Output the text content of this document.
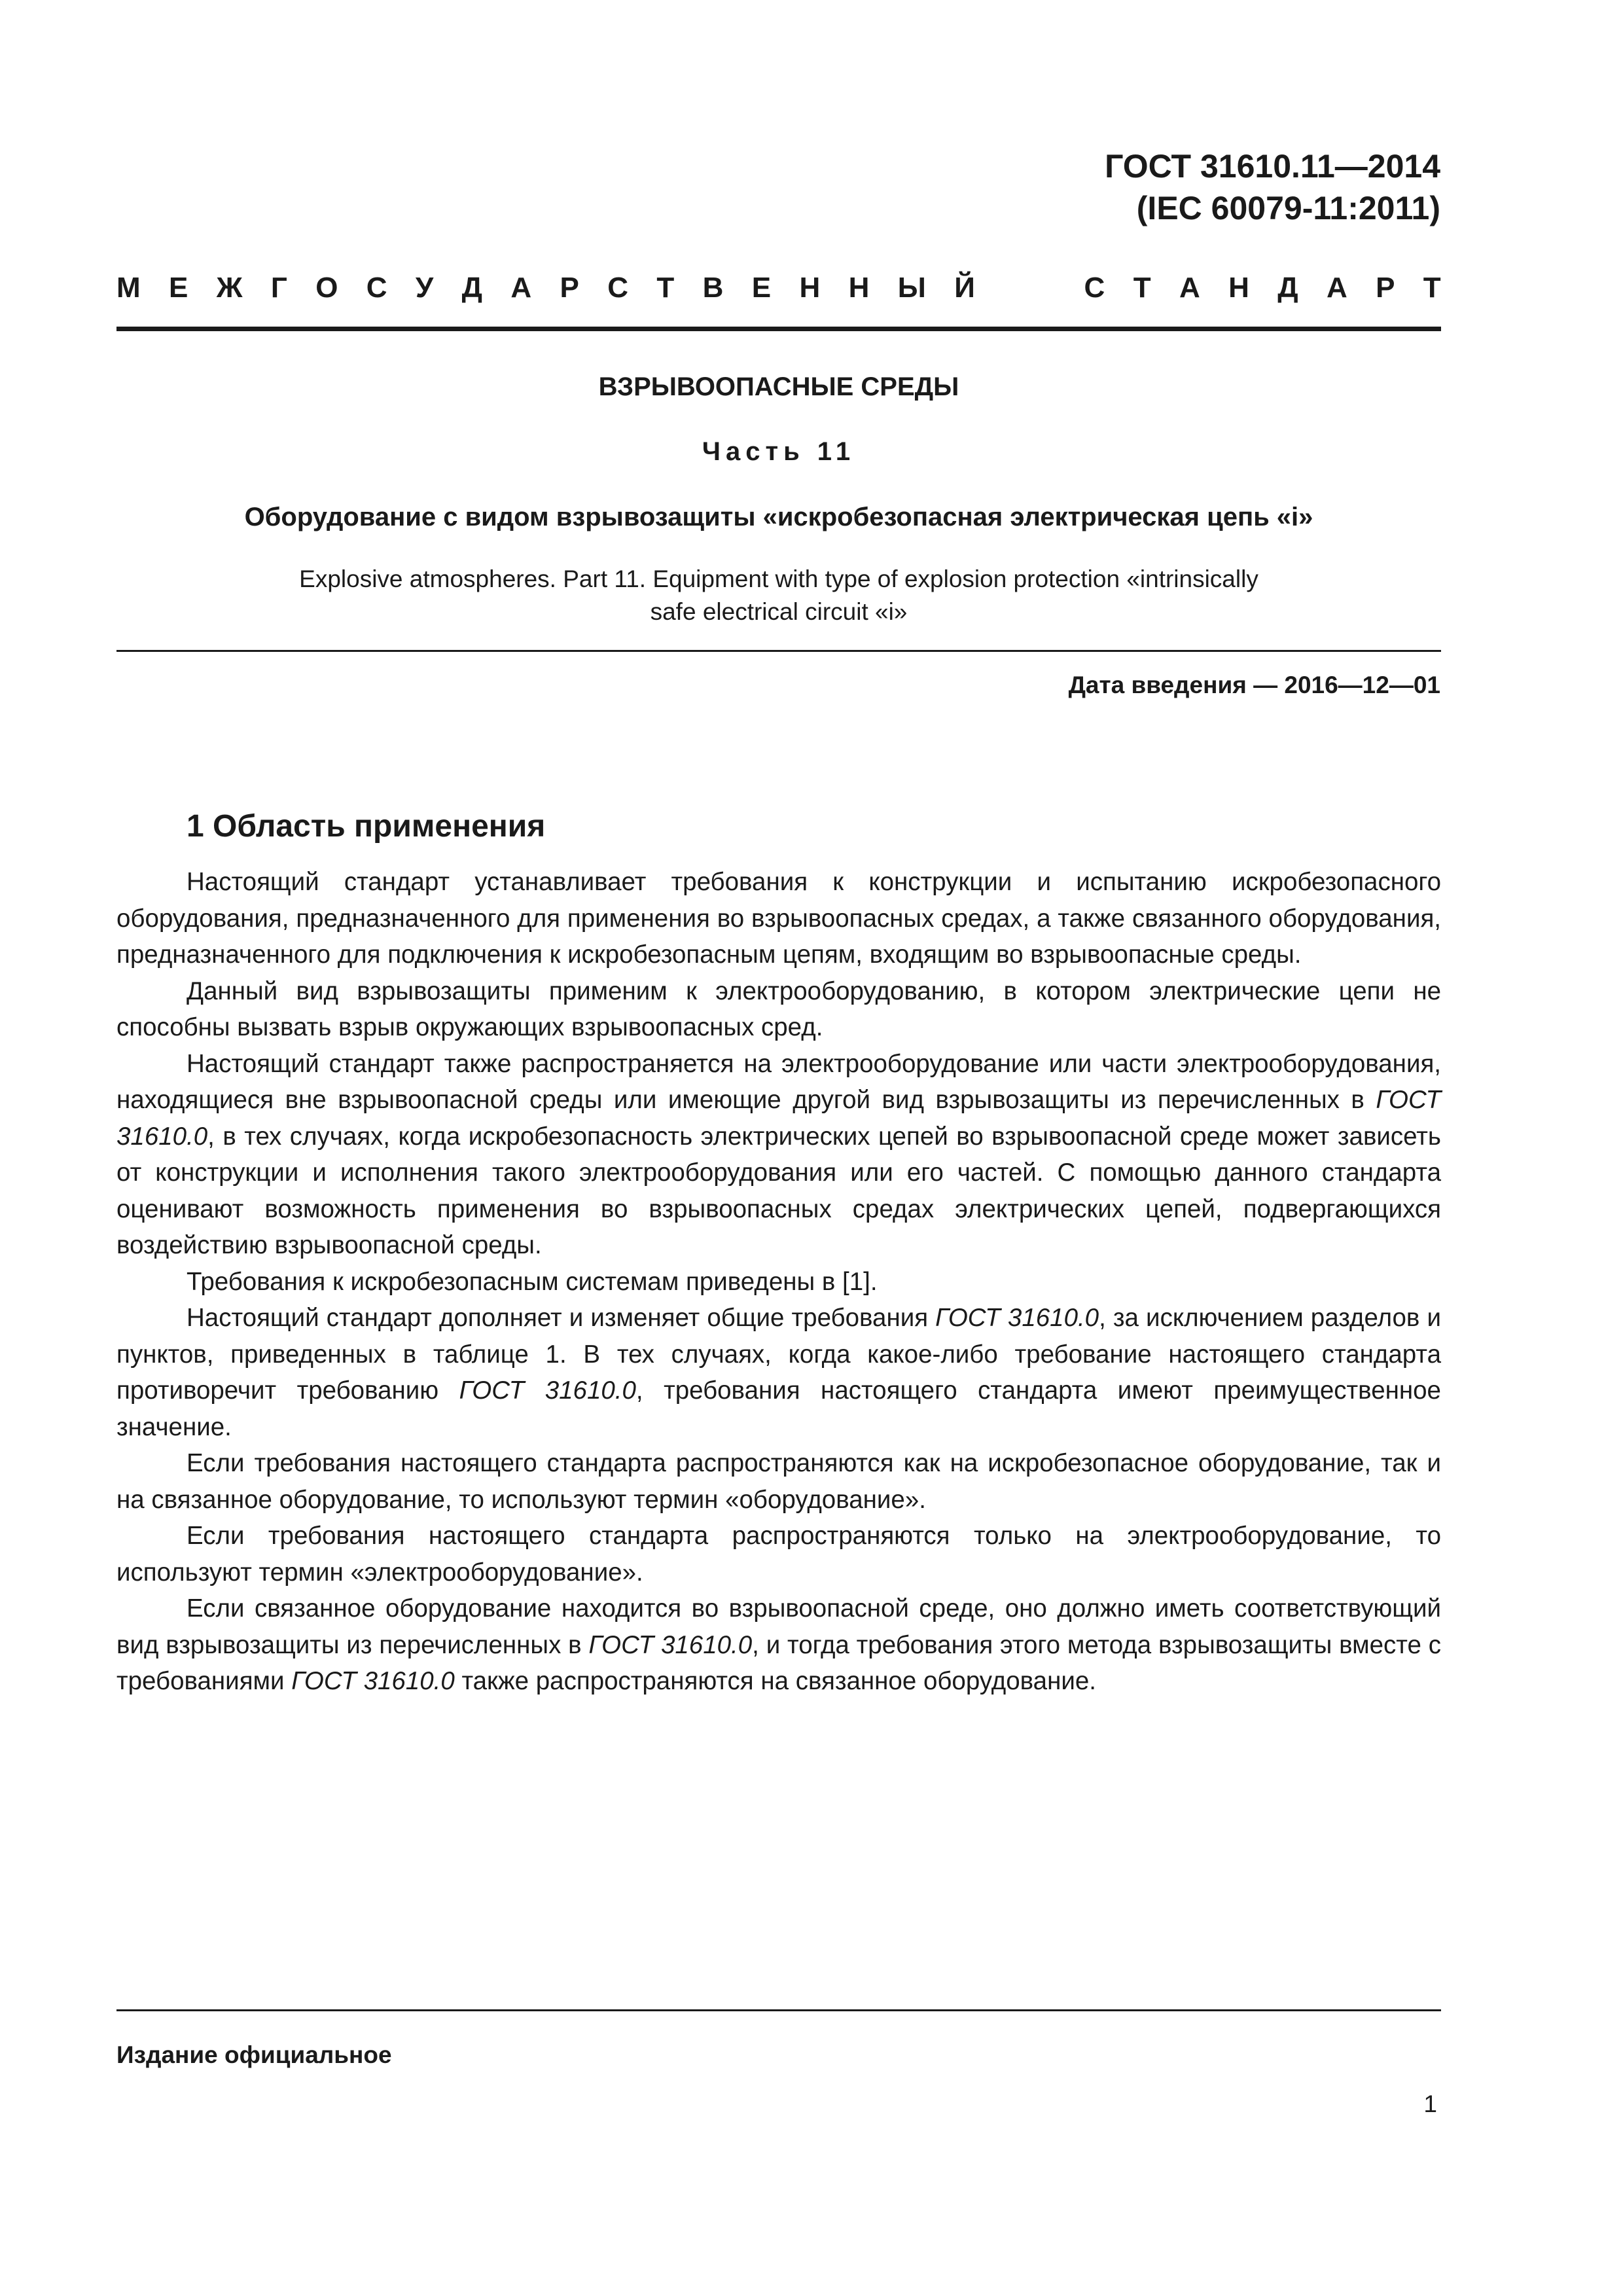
ГОСТ 31610.11—2014
(IEC 60079-11:2011)
М Е Ж Г О С У Д А Р С Т В Е Н Н Ы Й	С Т А Н Д А Р Т
ВЗРЫВООПАСНЫЕ СРЕДЫ
Часть 11
Оборудование с видом взрывозащиты «искробезопасная электрическая цепь «i»
Explosive atmospheres. Part 11. Equipment with type of explosion protection «intrinsically safe electrical circuit «i»
Дата введения — 2016—12—01
1 Область применения

Настоящий стандарт устанавливает требования к конструкции и испытанию искробезопасного оборудования, предназначенного для применения во взрывоопасных средах, а также связанного оборудования, предназначенного для подключения к искробезопасным цепям, входящим во взрывоопасные среды.

Данный вид взрывозащиты применим к электрооборудованию, в котором электрические цепи не способны вызвать взрыв окружающих взрывоопасных сред.

Настоящий стандарт также распространяется на электрооборудование или части электрооборудования, находящиеся вне взрывоопасной среды или имеющие другой вид взрывозащиты из перечисленных в ГОСТ 31610.0, в тех случаях, когда искробезопасность электрических цепей во взрывоопасной среде может зависеть от конструкции и исполнения такого электрооборудования или его частей. С помощью данного стандарта оценивают возможность применения во взрывоопасных средах электрических цепей, подвергающихся воздействию взрывоопасной среды.

Требования к искробезопасным системам приведены в [1].

Настоящий стандарт дополняет и изменяет общие требования ГОСТ 31610.0, за исключением разделов и пунктов, приведенных в таблице 1. В тех случаях, когда какое-либо требование настоящего стандарта противоречит требованию ГОСТ 31610.0, требования настоящего стандарта имеют преимущественное значение.

Если требования настоящего стандарта распространяются как на искробезопасное оборудование, так и на связанное оборудование, то используют термин «оборудование».

Если требования настоящего стандарта распространяются только на электрооборудование, то используют термин «электрооборудование».

Если связанное оборудование находится во взрывоопасной среде, оно должно иметь соответствующий вид взрывозащиты из перечисленных в ГОСТ 31610.0, и тогда требования этого метода взрывозащиты вместе с требованиями ГОСТ 31610.0 также распространяются на связанное оборудование.

Издание официальное
1
